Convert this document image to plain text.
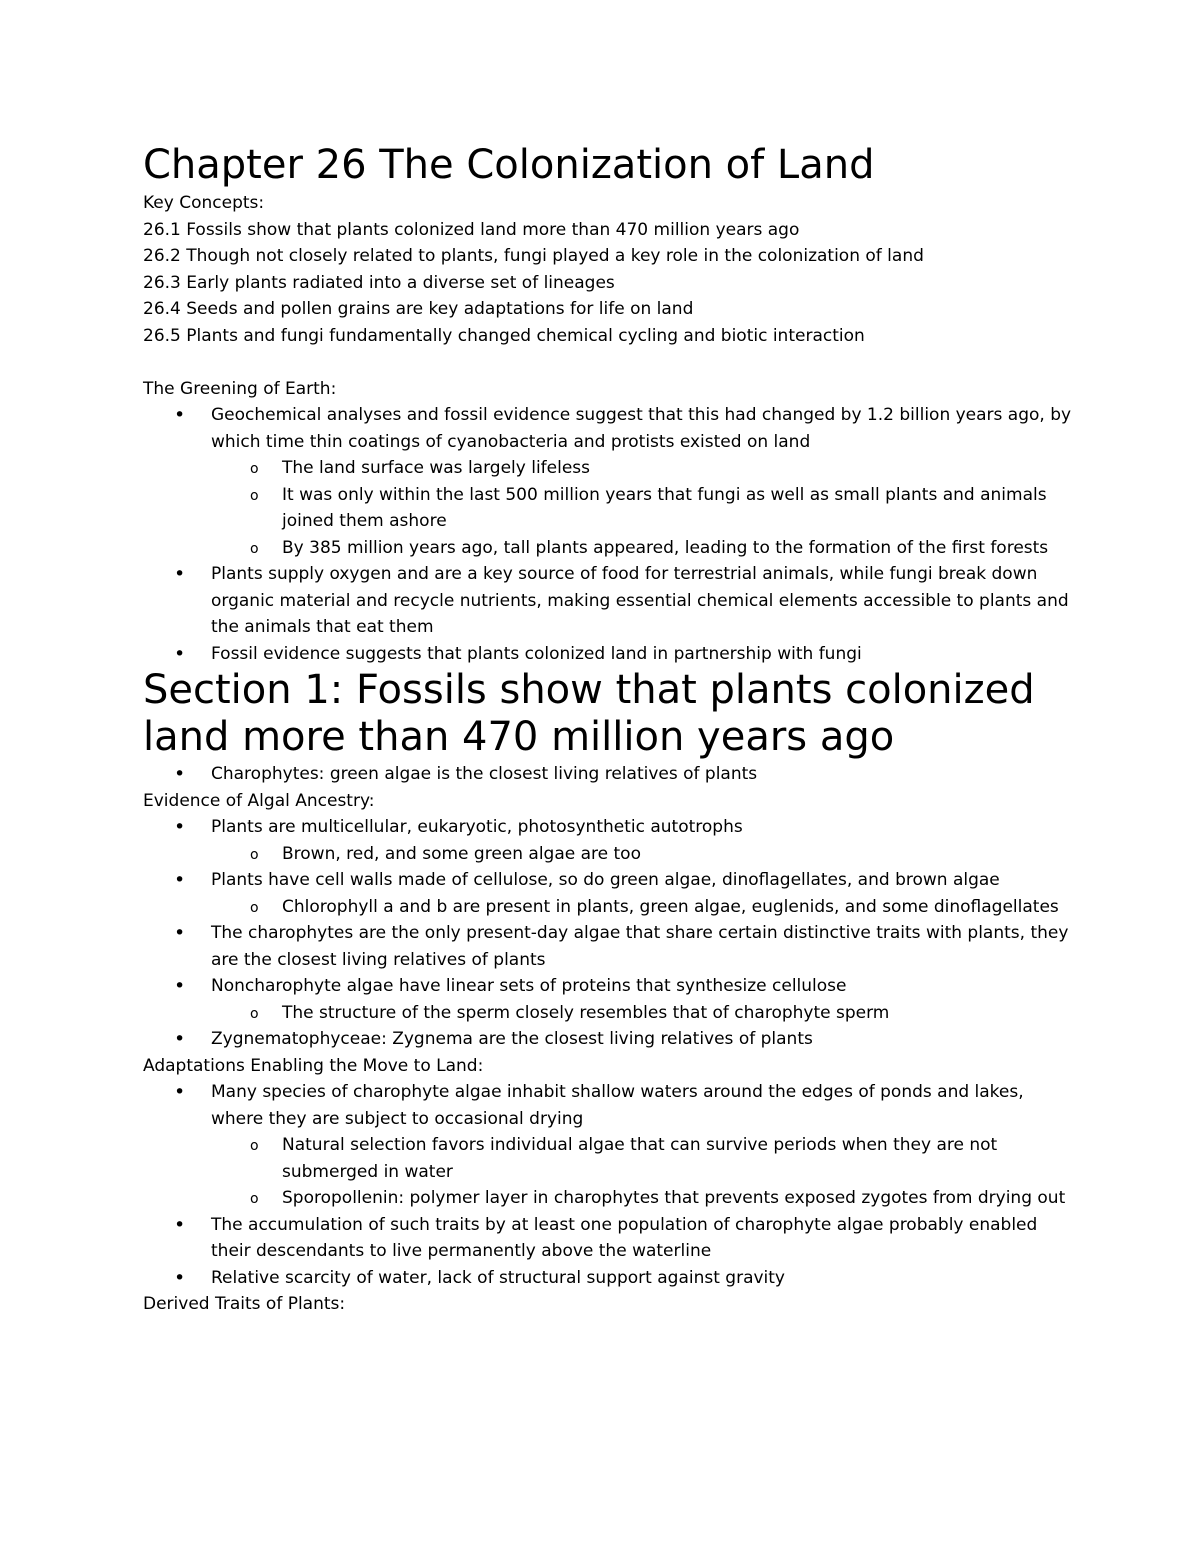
Chapter 26 The Colonization of Land

Key Concepts:

26.1 Fossils show that plants colonized land more than 470 million years ago

26.2 Though not closely related to plants, fungi played a key role in the colonization of land

26.3 Early plants radiated into a diverse set of lineages

26.4 Seeds and pollen grains are key adaptations for life on land

26.5 Plants and fungi fundamentally changed chemical cycling and biotic interaction

The Greening of Earth:

• Geochemical analyses and fossil evidence suggest that this had changed by 1.2 billion years ago, by which time thin coatings of cyanobacteria and protists existed on land
o The land surface was largely lifeless
o It was only within the last 500 million years that fungi as well as small plants and animals joined them ashore
o By 385 million years ago, tall plants appeared, leading to the formation of the first forests
• Plants supply oxygen and are a key source of food for terrestrial animals, while fungi break down organic material and recycle nutrients, making essential chemical elements accessible to plants and the animals that eat them
• Fossil evidence suggests that plants colonized land in partnership with fungi
Section 1: Fossils show that plants colonized land more than 470 million years ago
• Charophytes: green algae is the closest living relatives of plants

Evidence of Algal Ancestry:

• Plants are multicellular, eukaryotic, photosynthetic autotrophs
o Brown, red, and some green algae are too
• Plants have cell walls made of cellulose, so do green algae, dinoflagellates, and brown algae
o Chlorophyll a and b are present in plants, green algae, euglenids, and some dinoflagellates
• The charophytes are the only present-day algae that share certain distinctive traits with plants, they are the closest living relatives of plants
• Noncharophyte algae have linear sets of proteins that synthesize cellulose
o The structure of the sperm closely resembles that of charophyte sperm
• Zygnematophyceae: Zygnema are the closest living relatives of plants

Adaptations Enabling the Move to Land:

• Many species of charophyte algae inhabit shallow waters around the edges of ponds and lakes, where they are subject to occasional drying
o Natural selection favors individual algae that can survive periods when they are not submerged in water
o Sporopollenin: polymer layer in charophytes that prevents exposed zygotes from drying out
• The accumulation of such traits by at least one population of charophyte algae probably enabled their descendants to live permanently above the waterline
• Relative scarcity of water, lack of structural support against gravity

Derived Traits of Plants:
